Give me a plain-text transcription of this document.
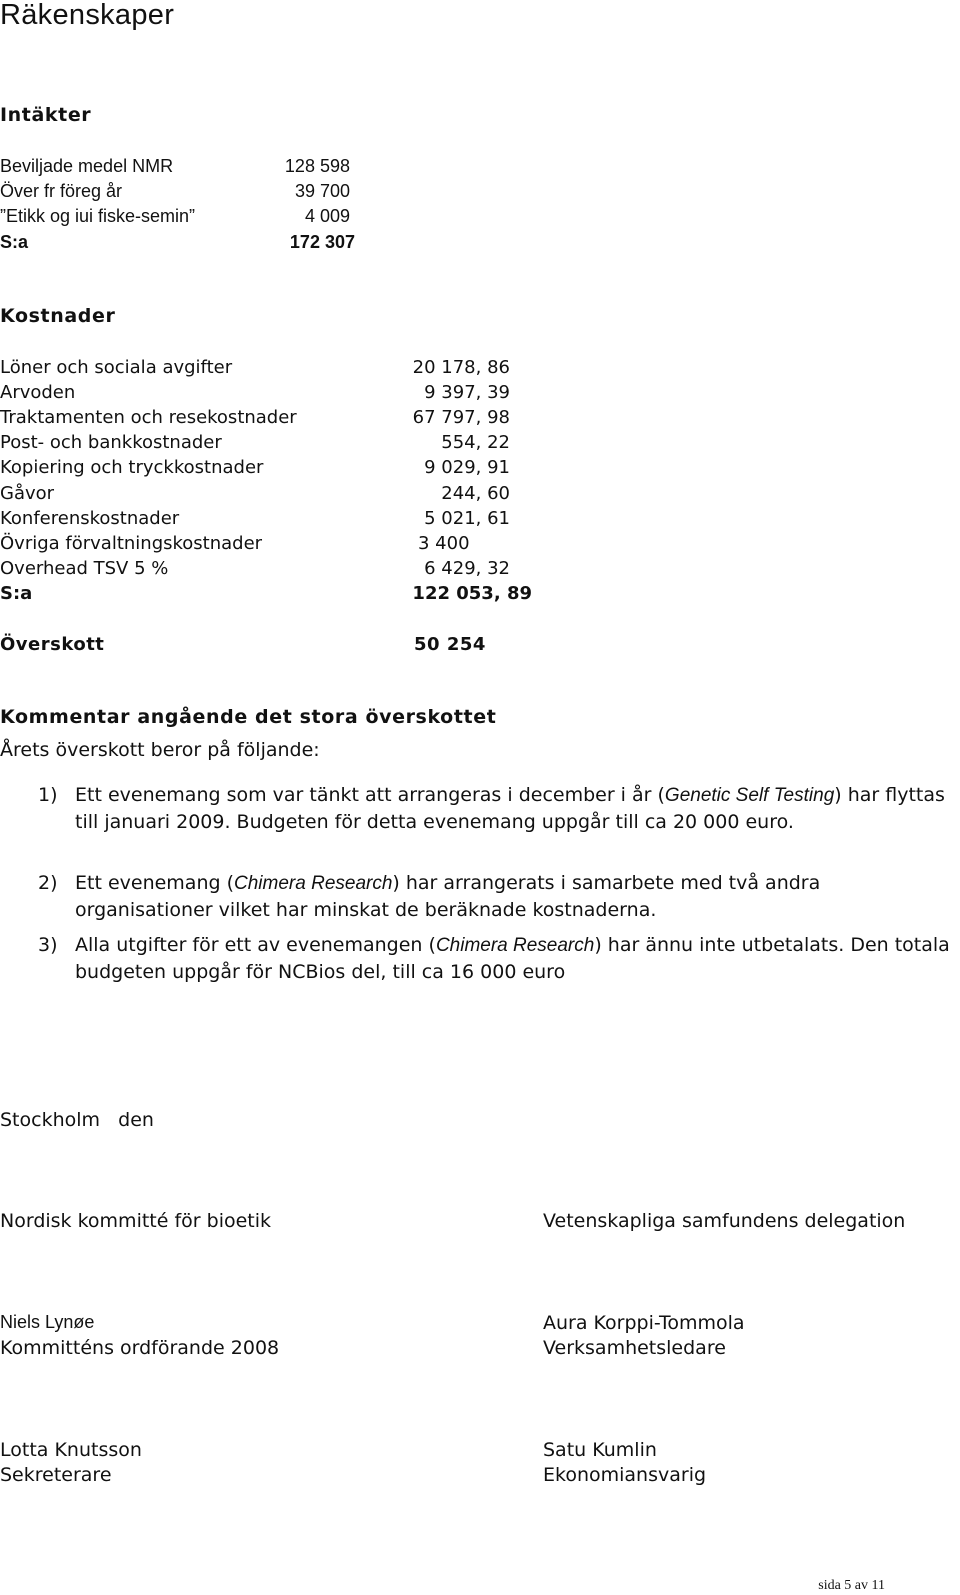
Räkenskaper
Intäkter
Beviljade medel NMR	128 598
Över fr föreg år	39 700
”Etikk og iui fiske-semin”	4 009
S:a	172 307
Kostnader
Löner och sociala avgifter	20 178, 86
Arvoden	9 397, 39
Traktamenten och resekostnader	67 797, 98
Post- och bankkostnader	554, 22
Kopiering och tryckkostnader	9 029, 91
Gåvor	244, 60
Konferenskostnader	5 021, 61
Övriga förvaltningskostnader	3 400
Overhead TSV 5 %	6 429, 32
S:a	122 053, 89
Överskott	50 254
Kommentar angående det stora överskottet
Årets överskott beror på följande:
1) Ett evenemang som var tänkt att arrangeras i december i år (Genetic Self Testing) har flyttas till januari 2009. Budgeten för detta evenemang uppgår till ca 20 000 euro.
2) Ett evenemang (Chimera Research) har arrangerats i samarbete med två andra organisationer vilket har minskat de beräknade kostnaderna.
3) Alla utgifter för ett av evenemangen (Chimera Research) har ännu inte utbetalats. Den totala budgeten uppgår för NCBios del, till ca 16 000 euro
Stockholm   den
Nordisk kommitté för bioetik	Vetenskapliga samfundens delegation
Niels Lynøe
Kommitténs ordförande 2008
Aura Korppi-Tommola
Verksamhetsledare
Lotta Knutsson
Sekreterare
Satu Kumlin
Ekonomiansvarig
sida 5 av 11
